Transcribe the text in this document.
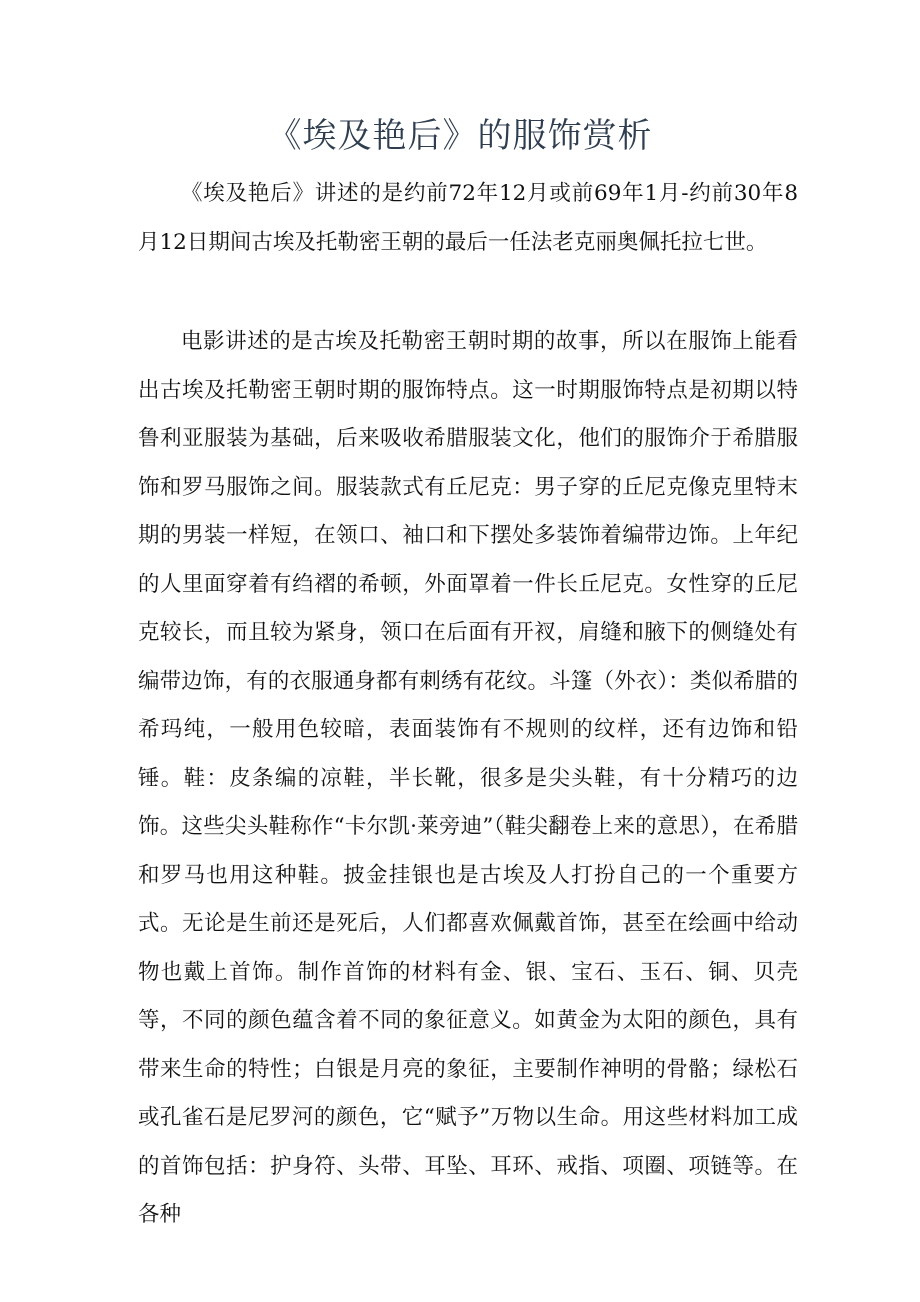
《埃及艳后》的服饰赏析

《埃及艳后》讲述的是约前72年12月或前69年1月-约前30年8月12日期间古埃及托勒密王朝的最后一任法老克丽奥佩托拉七世。

电影讲述的是古埃及托勒密王朝时期的故事，所以在服饰上能看出古埃及托勒密王朝时期的服饰特点。这一时期服饰特点是初期以特鲁利亚服装为基础，后来吸收希腊服装文化，他们的服饰介于希腊服饰和罗马服饰之间。服装款式有丘尼克：男子穿的丘尼克像克里特末期的男装一样短，在领口、袖口和下摆处多装饰着编带边饰。上年纪的人里面穿着有绉褶的希顿，外面罩着一件长丘尼克。女性穿的丘尼克较长，而且较为紧身，领口在后面有开衩，肩缝和腋下的侧缝处有编带边饰，有的衣服通身都有刺绣有花纹。斗篷（外衣）：类似希腊的希玛纯，一般用色较暗，表面装饰有不规则的纹样，还有边饰和铅锤。鞋：皮条编的凉鞋，半长靴，很多是尖头鞋，有十分精巧的边饰。这些尖头鞋称作“卡尔凯·莱旁迪”（鞋尖翻卷上来的意思），在希腊和罗马也用这种鞋。披金挂银也是古埃及人打扮自己的一个重要方式。无论是生前还是死后，人们都喜欢佩戴首饰，甚至在绘画中给动物也戴上首饰。制作首饰的材料有金、银、宝石、玉石、铜、贝壳等，不同的颜色蕴含着不同的象征意义。如黄金为太阳的颜色，具有带来生命的特性；白银是月亮的象征，主要制作神明的骨骼；绿松石或孔雀石是尼罗河的颜色，它“赋予”万物以生命。用这些材料加工成的首饰包括：护身符、头带、耳坠、耳环、戒指、项圈、项链等。在各种
